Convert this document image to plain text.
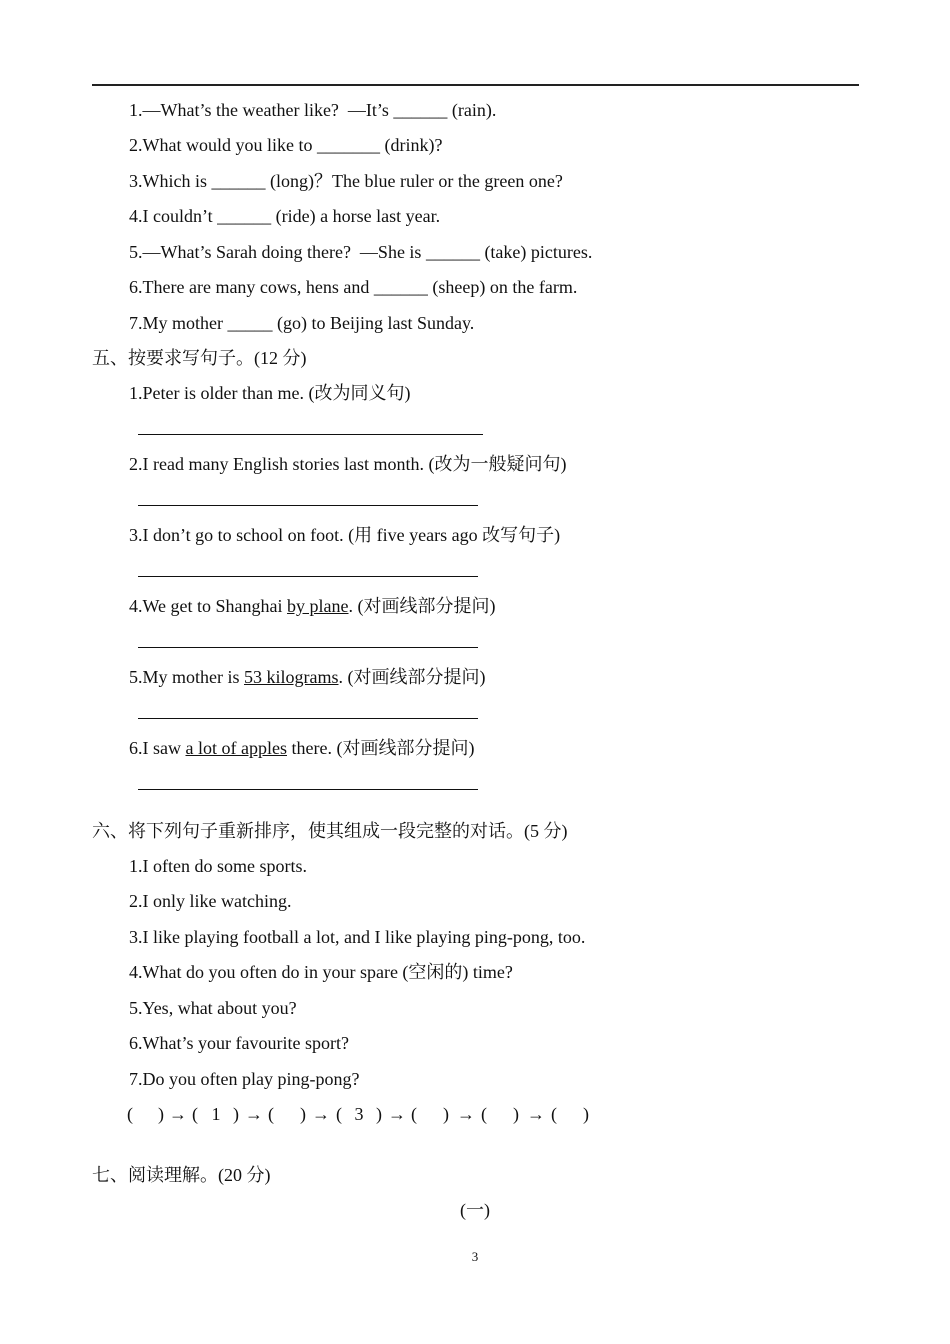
1.—What’s the weather like?  —It’s ______ (rain).
2.What would you like to _______ (drink)?
3.Which is ______ (long)？The blue ruler or the green one?
4.I couldn’t ______ (ride) a horse last year.
5.—What’s Sarah doing there?  —She is ______ (take) pictures.
6.There are many cows, hens and ______ (sheep) on the farm.
7.My mother _____ (go) to Beijing last Sunday.
五、按要求写句子。(12 分)
1.Peter is older than me. (改为同义句)
2.I read many English stories last month. (改为一般疑问句)
3.I don’t go to school on foot. (用 five years ago 改写句子)
4.We get to Shanghai by plane. (对画线部分提问)
5.My mother is 53 kilograms. (对画线部分提问)
6.I saw a lot of apples there. (对画线部分提问)
六、将下列句子重新排序，使其组成一段完整的对话。(5 分)
1.I often do some sports.
2.I only like watching.
3.I like playing football a lot, and I like playing ping-pong, too.
4.What do you often do in your spare (空闲的) time?
5.Yes, what about you?
6.What’s your favourite sport?
7.Do you often play ping-pong?
( ) → ( 1 ) → ( ) → ( 3 ) → ( ) → ( ) → ( )
七、阅读理解。(20 分)
(一)
3
